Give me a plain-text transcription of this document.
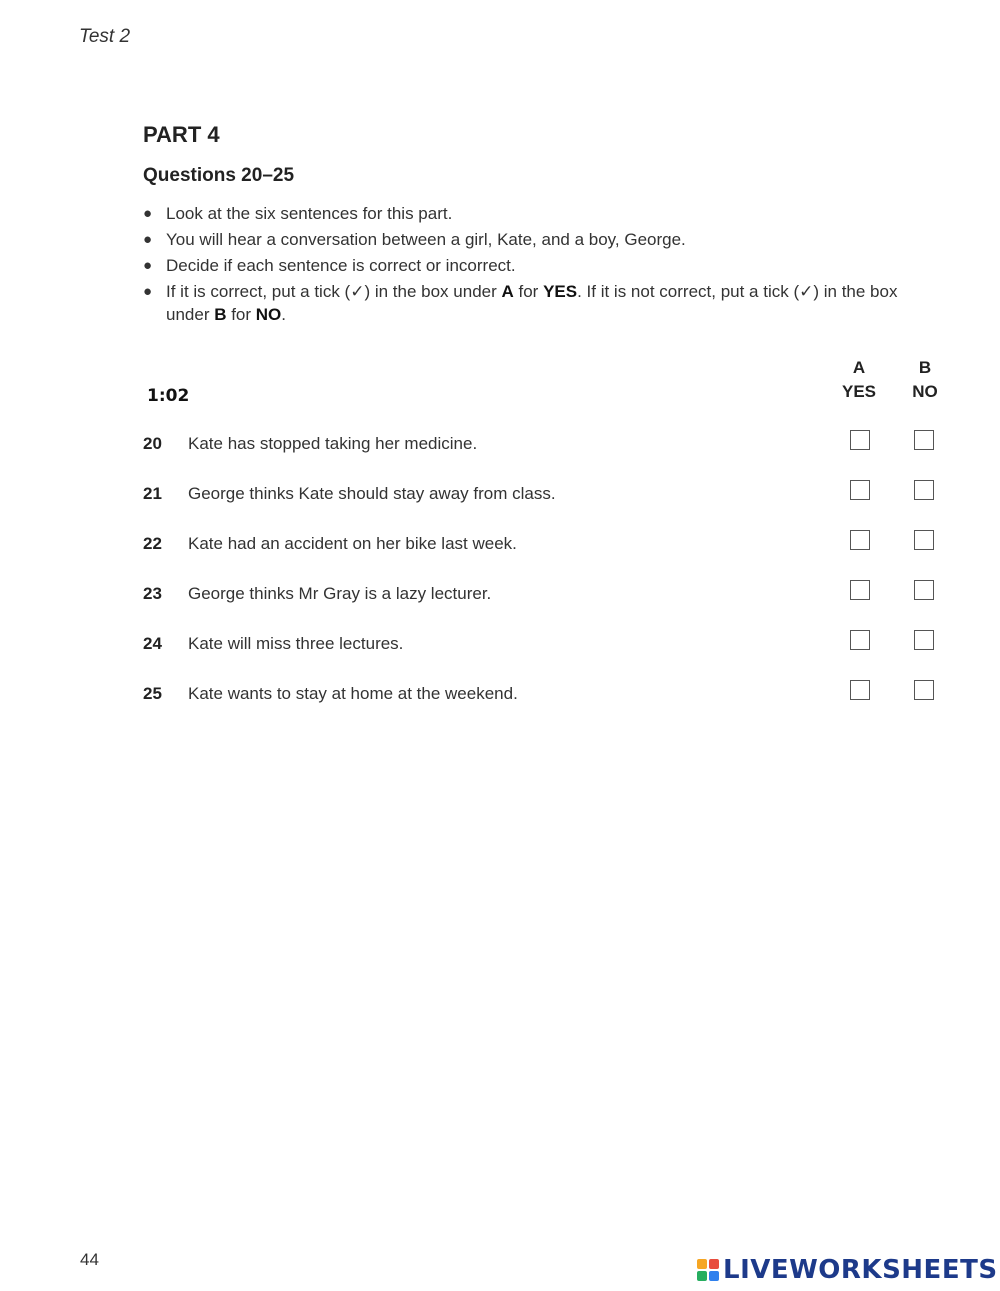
Test 2
PART 4
Questions 20–25
● Look at the six sentences for this part.
● You will hear a conversation between a girl, Kate, and a boy, George.
● Decide if each sentence is correct or incorrect.
● If it is correct, put a tick (✓) in the box under A for YES. If it is not correct, put a tick (✓) in the box under B for NO.
A
YES
B
NO
1:02
20 Kate has stopped taking her medicine.
21 George thinks Kate should stay away from class.
22 Kate had an accident on her bike last week.
23 George thinks Mr Gray is a lazy lecturer.
24 Kate will miss three lectures.
25 Kate wants to stay at home at the weekend.
44	LIVEWORKSHEETS
